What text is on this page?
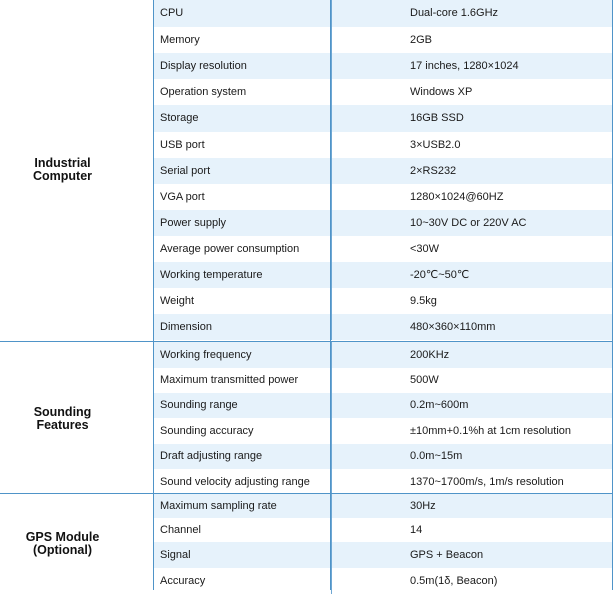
Industrial
Computer
CPU	Dual-core 1.6GHz
Memory	2GB
Display resolution	17 inches, 1280×1024
Operation system	Windows XP
Storage	16GB SSD
USB port	3×USB2.0
Serial port	2×RS232
VGA port	1280×1024@60HZ
Power supply	10~30V DC or 220V AC
Average power consumption	<30W
Working temperature	-20℃~50℃
Weight	9.5kg
Dimension	480×360×110mm
Sounding
Features
Working frequency	200KHz
Maximum transmitted power	500W
Sounding range	0.2m~600m
Sounding accuracy	±10mm+0.1%h at 1cm resolution
Draft adjusting range	0.0m~15m
Sound velocity adjusting range	1370~1700m/s, 1m/s resolution
GPS Module
(Optional)
Maximum sampling rate	30Hz
Channel	14
Signal	GPS + Beacon
Accuracy	0.5m(1δ, Beacon)
